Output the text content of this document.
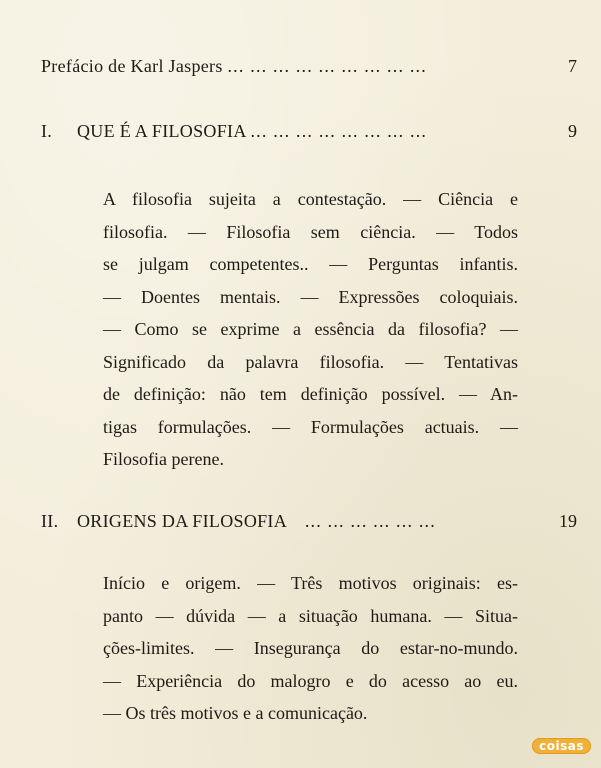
Prefácio de Karl Jaspers ... ... ... ... ... ... ... ... ...	7
I. QUE É A FILOSOFIA ... ... ... ... ... ... ... ...	9
A filosofia sujeita a contestação. — Ciência e
filosofia. — Filosofia sem ciência. — Todos
se julgam competentes.. — Perguntas infantis.
— Doentes mentais. — Expressões coloquiais.
— Como se exprime a essência da filosofia? —
Significado da palavra filosofia. — Tentativas
de definição: não tem definição possível. — An-
tigas formulações. — Formulações actuais. —
Filosofia perene.
II. ORIGENS DA FILOSOFIA ... ... ... ... ... ...	19
Início e origem. — Três motivos originais: es-
panto — dúvida — a situação humana. — Situa-
ções-limites. — Insegurança do estar-no-mundo.
— Experiência do malogro e do acesso ao eu.
— Os três motivos e a comunicação.
coisas
